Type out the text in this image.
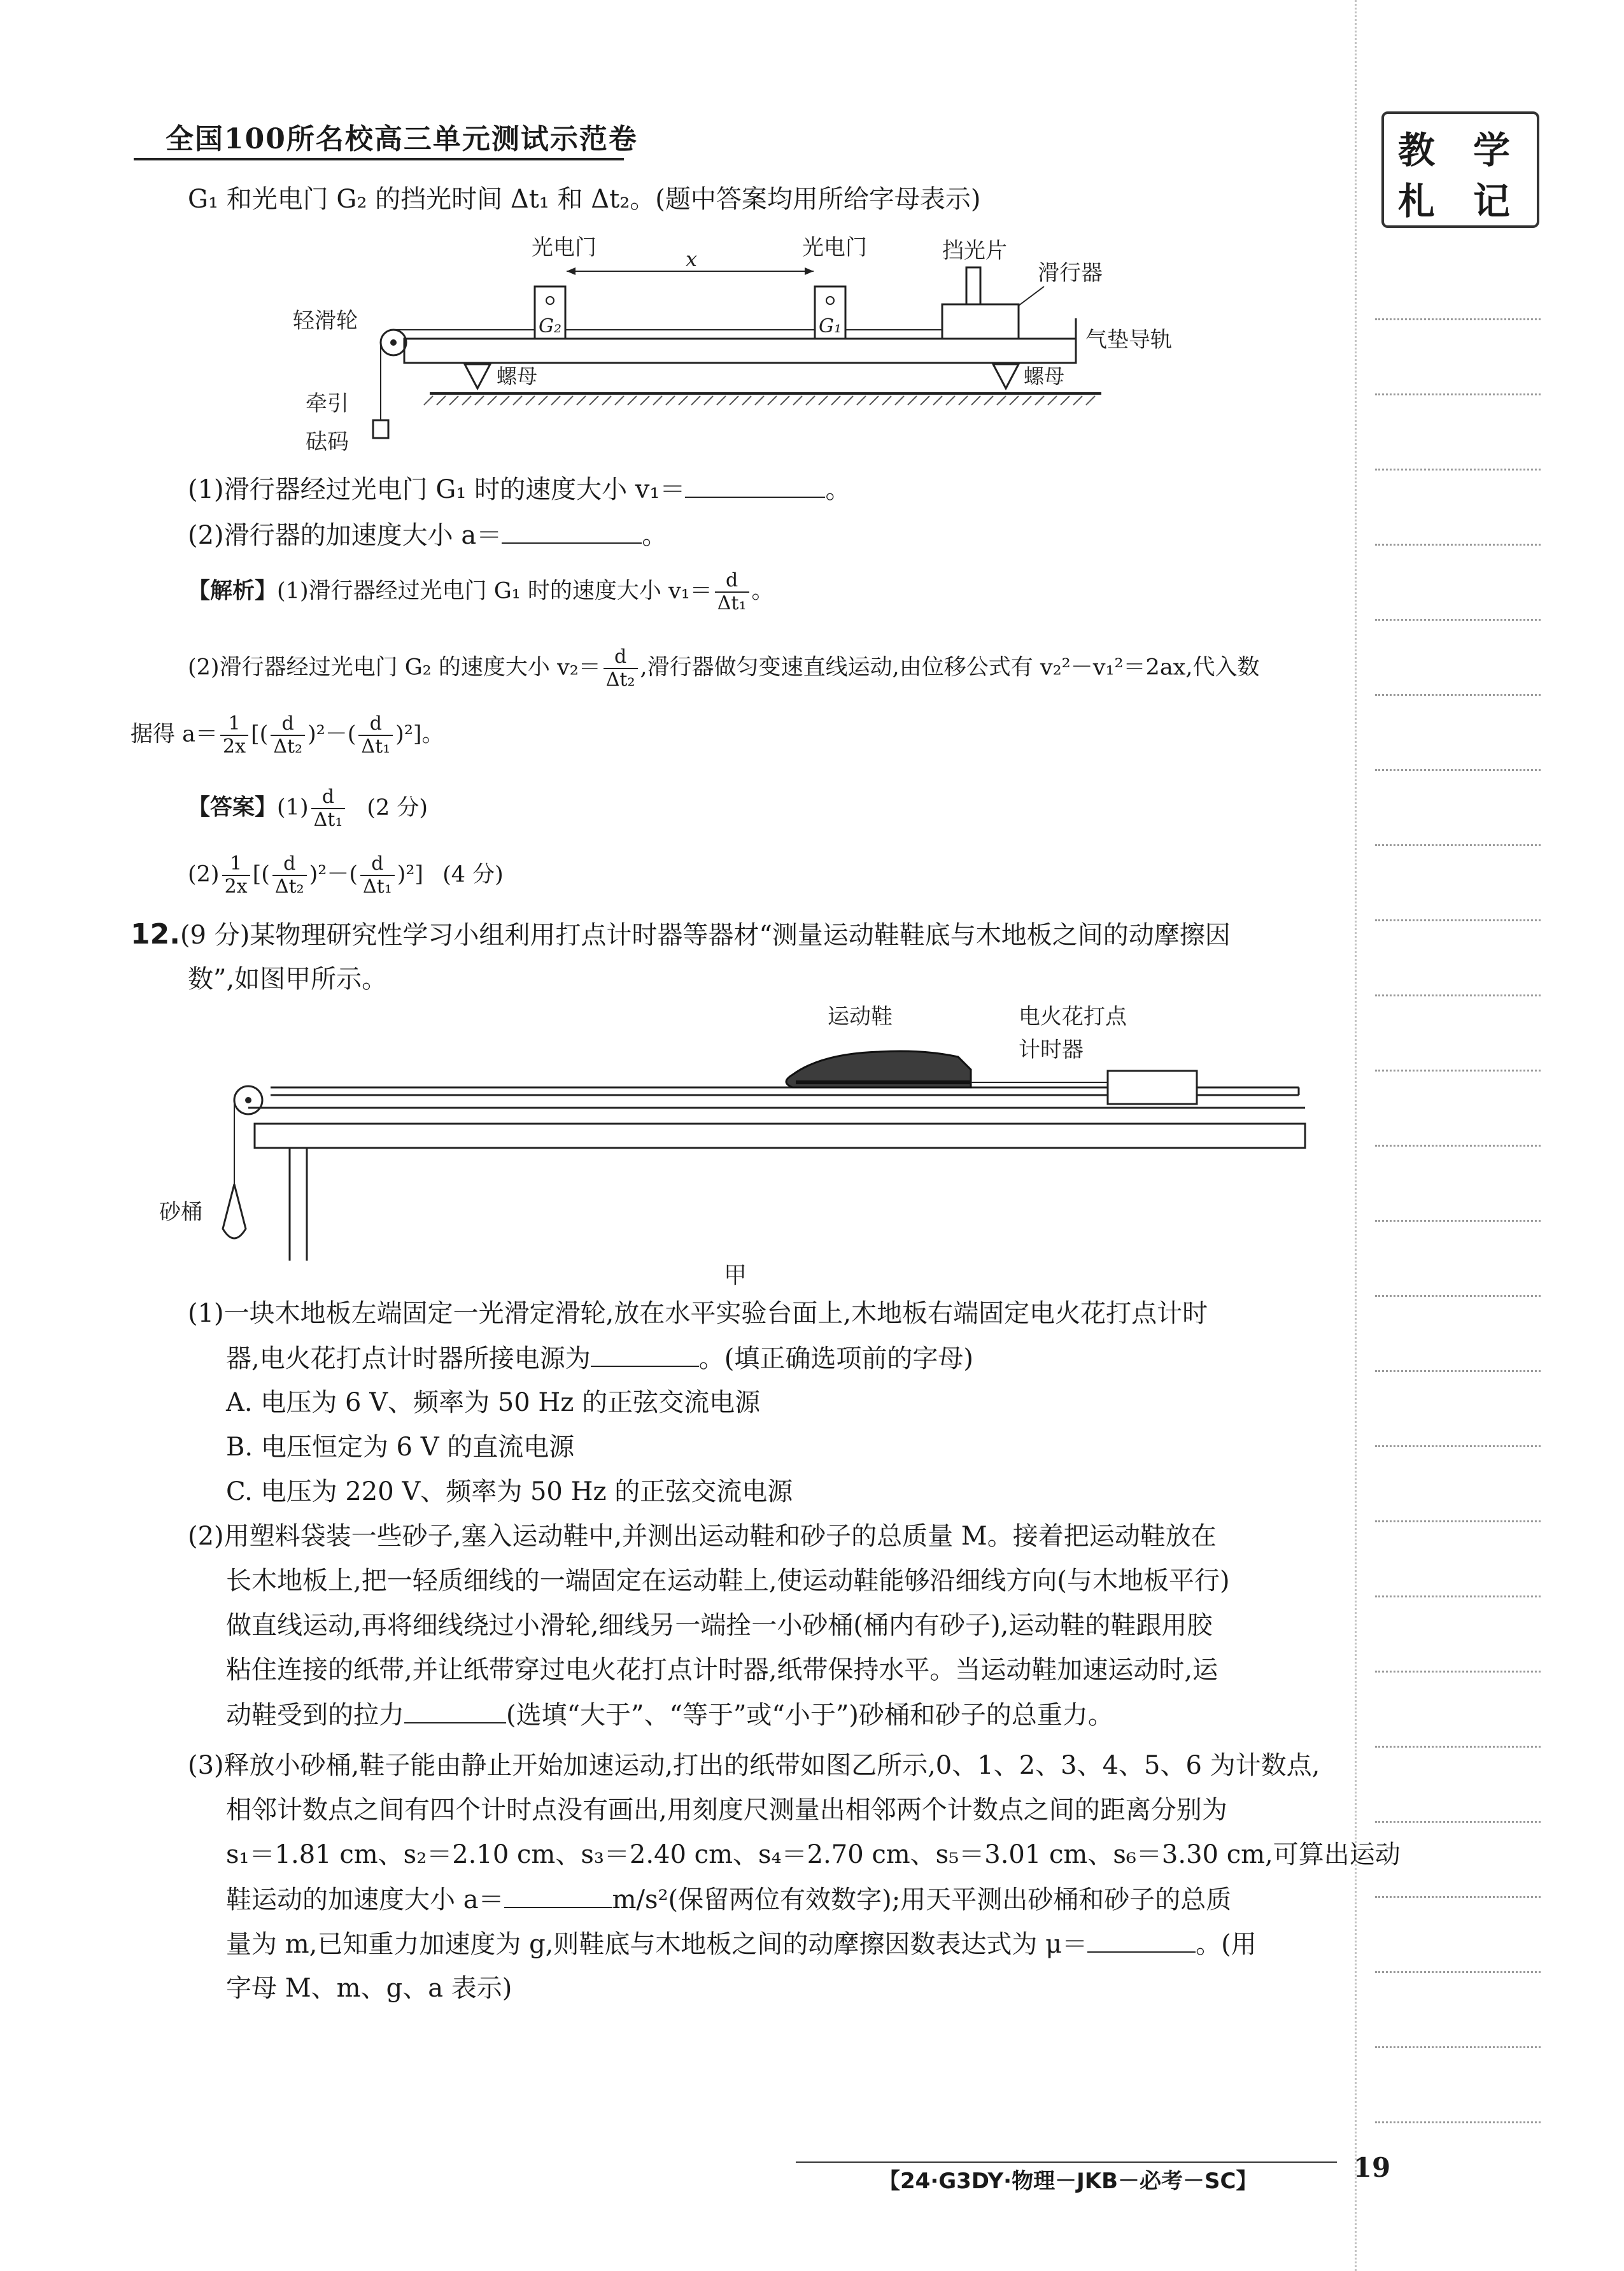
全国100所名校高三单元测试示范卷	教 学
札 记
G₁ 和光电门 G₂ 的挡光时间 Δt₁ 和 Δt₂。(题中答案均用所给字母表示)
光电门	光电门
x
G₂	G₁
挡光片
滑行器
轻滑轮
气垫导轨
螺母	螺母
牵引
砝码
(1)滑行器经过光电门 G₁ 时的速度大小 v₁＝	。
(2)滑行器的加速度大小 a＝	。
【解析】(1)滑行器经过光电门 G₁ 时的速度大小 $v_1= \frac{d}{\text{Δt₁}}$ 。
(2)滑行器经过光电门 G₂ 的速度大小 $v_2= \frac{d}{\text{Δt₂}}$ ,滑行器做匀变速直线运动,由位移公式有 v₂²－v₁²＝2ax,代入数
据得 $a= \frac{1}{2x}$ [( $\frac{d}{\text{Δt₂}} )^2-( \frac{d}{\text{Δt₁}} )^2$]。
【答案】$(1) \frac{d}{\text{Δt₁}} (2$ 分)
$(2) \frac{1}{2x}$ [( $\frac{d}{\text{Δt₂}} )^2-( \frac{d}{\text{Δt₁}} )^2$] (4 分)
12.(9 分)某物理研究性学习小组利用打点计时器等器材“测量运动鞋鞋底与木地板之间的动摩擦因
数”,如图甲所示。
运动鞋	电火花打点
计时器
砂桶
甲
(1)一块木地板左端固定一光滑定滑轮,放在水平实验台面上,木地板右端固定电火花打点计时
器,电火花打点计时器所接电源为	。(填正确选项前的字母)
A. 电压为 6 V、频率为 50 Hz 的正弦交流电源
B. 电压恒定为 6 V 的直流电源
C. 电压为 220 V、频率为 50 Hz 的正弦交流电源
(2)用塑料袋装一些砂子,塞入运动鞋中,并测出运动鞋和砂子的总质量 M。接着把运动鞋放在
长木地板上,把一轻质细线的一端固定在运动鞋上,使运动鞋能够沿细线方向(与木地板平行)
做直线运动,再将细线绕过小滑轮,细线另一端拴一小砂桶(桶内有砂子),运动鞋的鞋跟用胶
粘住连接的纸带,并让纸带穿过电火花打点计时器,纸带保持水平。当运动鞋加速运动时,运
动鞋受到的拉力	(选填“大于”、“等于”或“小于”)砂桶和砂子的总重力。
(3)释放小砂桶,鞋子能由静止开始加速运动,打出的纸带如图乙所示,0、1、2、3、4、5、6 为计数点,
相邻计数点之间有四个计时点没有画出,用刻度尺测量出相邻两个计数点之间的距离分别为
s₁＝1.81 cm、s₂＝2.10 cm、s₃＝2.40 cm、s₄＝2.70 cm、s₅＝3.01 cm、s₆＝3.30 cm,可算出运动
鞋运动的加速度大小 a＝	m/s²(保留两位有效数字);用天平测出砂桶和砂子的总质
量为 m,已知重力加速度为 g,则鞋底与木地板之间的动摩擦因数表达式为 μ＝	。(用
字母 M、m、g、a 表示)
【24·G3DY·物理－JKB－必考－SC】	19
